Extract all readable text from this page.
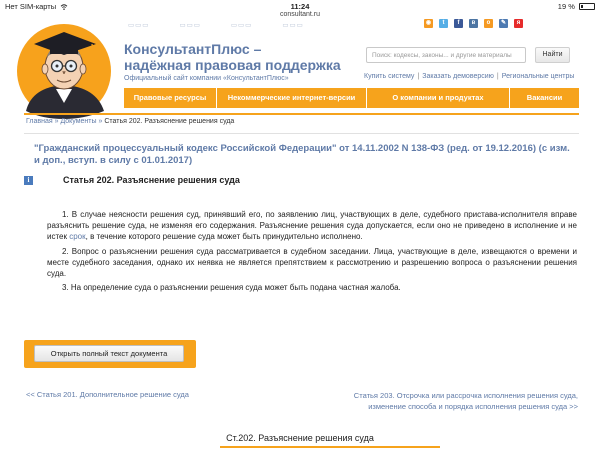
Нет SIM-карты	11:24	19 %
consultant.ru
▭▭▭	▭▭▭	▭▭▭	▭▭▭	◉	t	f	в	о	✎	я
КонсультантПлюс –
надёжная правовая поддержка
Официальный сайт компании «КонсультантПлюс»
Поиск: кодексы, законы... и другие материалы	Найти
Купить систему | Заказать демоверсию | Региональные центры
Правовые ресурсы	Некоммерческие интернет-версии	О компании и продуктах	Вакансии
Главная » Документы » Статья 202. Разъяснение решения суда
"Гражданский процессуальный кодекс Российской Федерации" от 14.11.2002 N 138-ФЗ (ред. от 19.12.2016) (с изм. и доп., вступ. в силу с 01.01.2017)
i	Статья 202. Разъяснение решения суда

1. В случае неясности решения суд, принявший его, по заявлению лиц, участвующих в деле, судебного пристава-исполнителя вправе разъяснить решение суда, не изменяя его содержания. Разъяснение решения суда допускается, если оно не приведено в исполнение и не истек срок, в течение которого решение суда может быть принудительно исполнено.

2. Вопрос о разъяснении решения суда рассматривается в судебном заседании. Лица, участвующие в деле, извещаются о времени и месте судебного заседания, однако их неявка не является препятствием к рассмотрению и разрешению вопроса о разъяснении решения суда.

3. На определение суда о разъяснении решения суда может быть подана частная жалоба.

Открыть полный текст документа
<< Статья 201. Дополнительное решение суда	Статья 203. Отсрочка или рассрочка исполнения решения суда, изменение способа и порядка исполнения решения суда >>
Ст.202. Разъяснение решения суда
